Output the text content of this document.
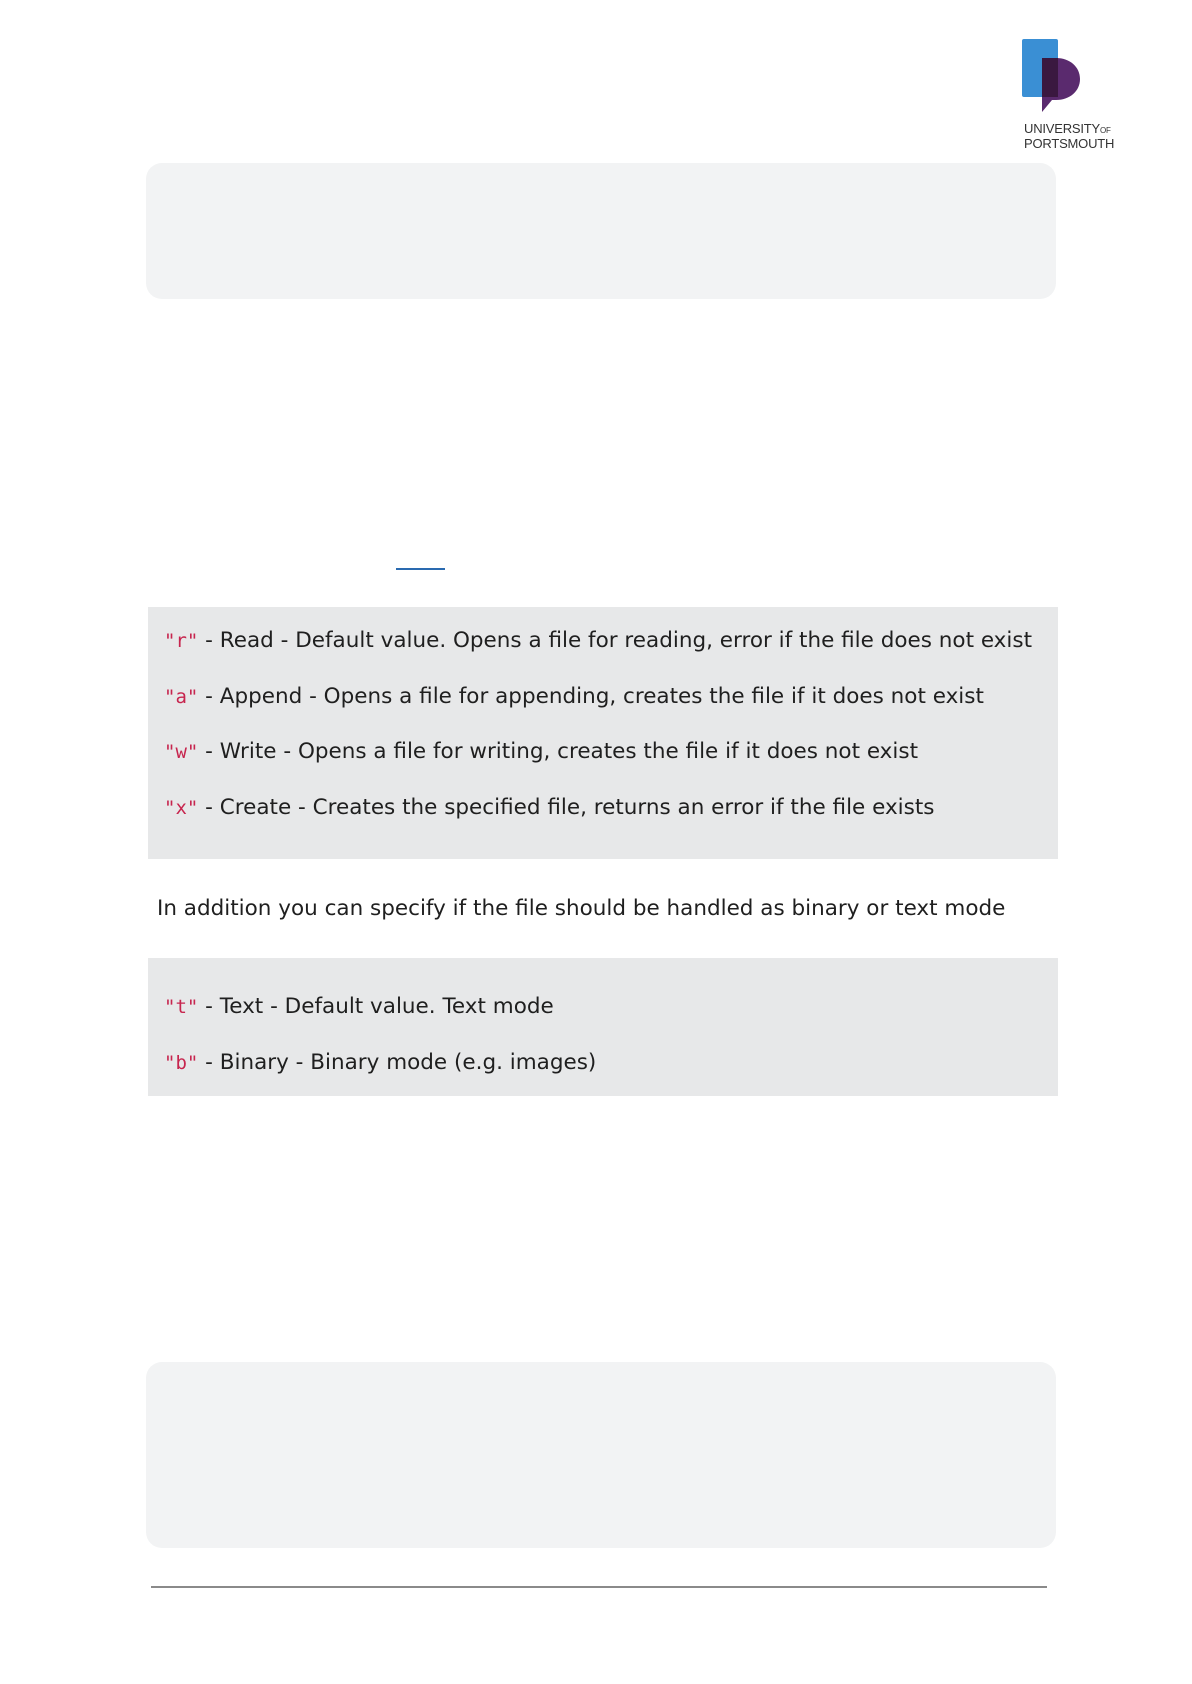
UNIVERSITYOF
PORTSMOUTH
"r" - Read - Default value. Opens a file for reading, error if the file does not exist
"a" - Append - Opens a file for appending, creates the file if it does not exist
"w" - Write - Opens a file for writing, creates the file if it does not exist
"x" - Create - Creates the specified file, returns an error if the file exists
In addition you can specify if the file should be handled as binary or text mode
"t" - Text - Default value. Text mode
"b" - Binary - Binary mode (e.g. images)
